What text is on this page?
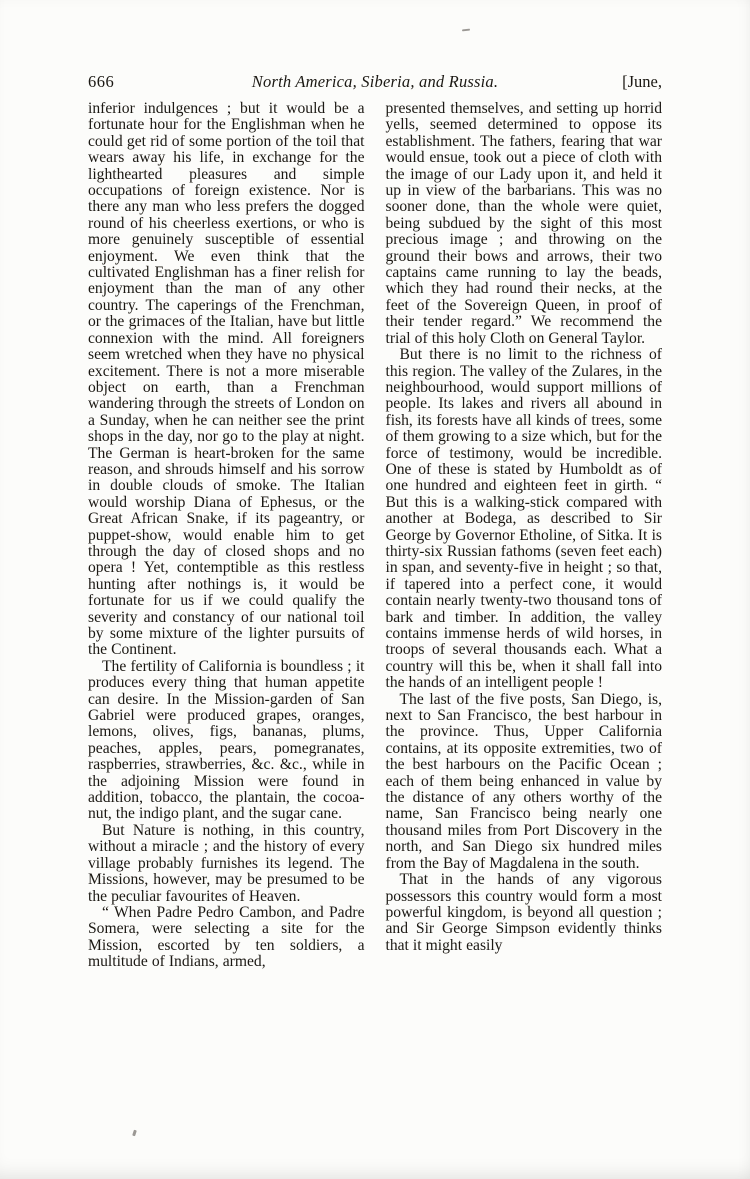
666	North America, Siberia, and Russia.	[June,

inferior indulgences ; but it would be a fortunate hour for the Englishman when he could get rid of some portion of the toil that wears away his life, in exchange for the lighthearted pleasures and simple occupations of foreign existence. Nor is there any man who less prefers the dogged round of his cheerless exertions, or who is more genuinely susceptible of essential enjoyment. We even think that the cultivated Englishman has a finer relish for enjoyment than the man of any other country. The caperings of the Frenchman, or the grimaces of the Italian, have but little connexion with the mind. All foreigners seem wretched when they have no physical excitement. There is not a more miserable object on earth, than a Frenchman wandering through the streets of London on a Sunday, when he can neither see the print shops in the day, nor go to the play at night. The German is heart-broken for the same reason, and shrouds himself and his sorrow in double clouds of smoke. The Italian would worship Diana of Ephesus, or the Great African Snake, if its pageantry, or puppet-show, would enable him to get through the day of closed shops and no opera ! Yet, contemptible as this restless hunting after nothings is, it would be fortunate for us if we could qualify the severity and constancy of our national toil by some mixture of the lighter pursuits of the Continent.

The fertility of California is boundless ; it produces every thing that human appetite can desire. In the Mission-garden of San Gabriel were produced grapes, oranges, lemons, olives, figs, bananas, plums, peaches, apples, pears, pomegranates, raspberries, strawberries, &c. &c., while in the adjoining Mission were found in addition, tobacco, the plantain, the cocoa-nut, the indigo plant, and the sugar cane.

But Nature is nothing, in this country, without a miracle ; and the history of every village probably furnishes its legend. The Missions, however, may be presumed to be the peculiar favourites of Heaven.

“ When Padre Pedro Cambon, and Padre Somera, were selecting a site for the Mission, escorted by ten soldiers, a multitude of Indians, armed,

presented themselves, and setting up horrid yells, seemed determined to oppose its establishment. The fathers, fearing that war would ensue, took out a piece of cloth with the image of our Lady upon it, and held it up in view of the barbarians. This was no sooner done, than the whole were quiet, being subdued by the sight of this most precious image ; and throwing on the ground their bows and arrows, their two captains came running to lay the beads, which they had round their necks, at the feet of the Sovereign Queen, in proof of their tender regard.” We recommend the trial of this holy Cloth on General Taylor.

But there is no limit to the richness of this region. The valley of the Zulares, in the neighbourhood, would support millions of people. Its lakes and rivers all abound in fish, its forests have all kinds of trees, some of them growing to a size which, but for the force of testimony, would be incredible. One of these is stated by Humboldt as of one hundred and eighteen feet in girth. “ But this is a walking-stick compared with another at Bodega, as described to Sir George by Governor Etholine, of Sitka. It is thirty-six Russian fathoms (seven feet each) in span, and seventy-five in height ; so that, if tapered into a perfect cone, it would contain nearly twenty-two thousand tons of bark and timber. In addition, the valley contains immense herds of wild horses, in troops of several thousands each. What a country will this be, when it shall fall into the hands of an intelligent people !

The last of the five posts, San Diego, is, next to San Francisco, the best harbour in the province. Thus, Upper California contains, at its opposite extremities, two of the best harbours on the Pacific Ocean ; each of them being enhanced in value by the distance of any others worthy of the name, San Francisco being nearly one thousand miles from Port Discovery in the north, and San Diego six hundred miles from the Bay of Magdalena in the south.

That in the hands of any vigorous possessors this country would form a most powerful kingdom, is beyond all question ; and Sir George Simpson evidently thinks that it might easily
